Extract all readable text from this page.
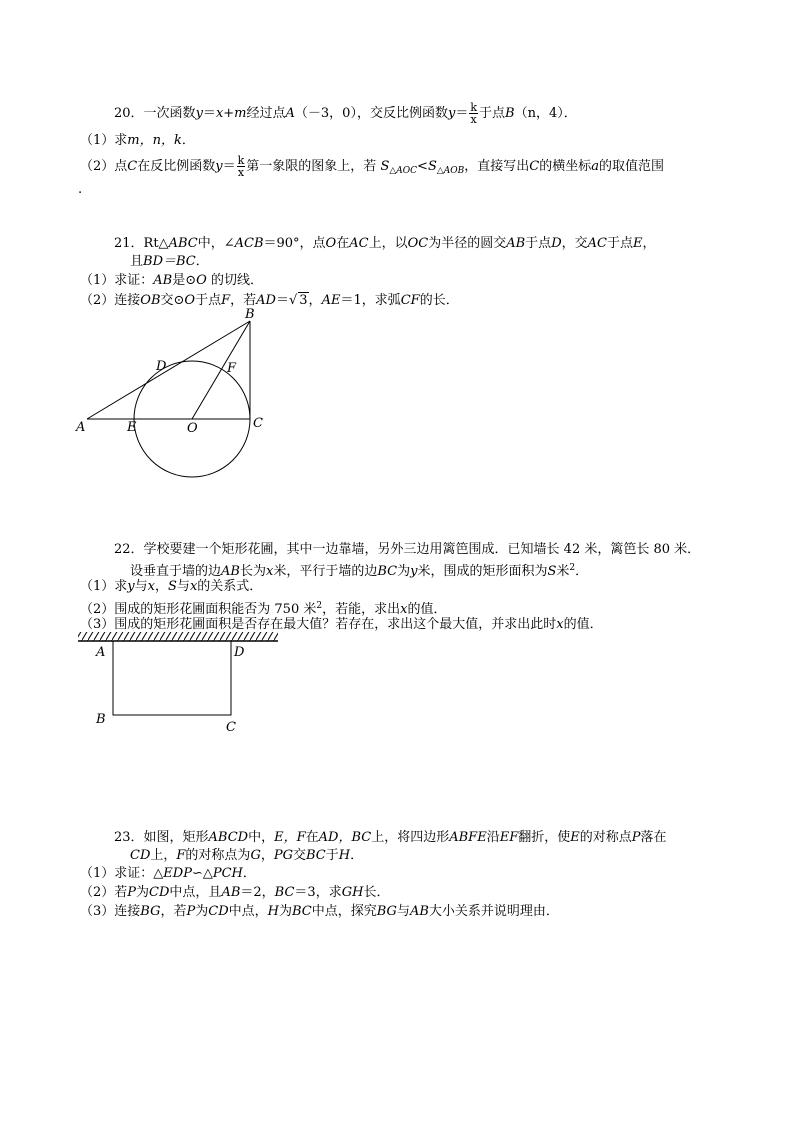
20．一次函数y＝x+m经过点A（－3，0），交反比例函数$y= \frac{k}{x}$ 于点B（n，4）．
（1）求m，n，k．
（2）点C在反比例函数$y= \frac{k}{x}$ 第一象限的图象上，若 $S_{\triangle AOC}<S_{\triangle AOB}$，直接写出C的横坐标a的取值范围
.
21．Rt△ABC中，∠ACB＝90°，点O在AC上，以OC为半径的圆交AB于点D，交AC于点E，
且BD＝BC．
（1）求证：AB是⊙O 的切线．
（2）连接OB交⊙O于点F，若AD＝√ 3，AE＝1，求弧CF的长．
B
D	F
A	E	O	C
22．学校要建一个矩形花圃，其中一边靠墙，另外三边用篱笆围成．已知墙长 42 米，篱笆长 80 米．
设垂直于墙的边AB长为x米，平行于墙的边BC为y米，围成的矩形面积为S米$^2$．
（1）求y与x，S与x的关系式．
（2）围成的矩形花圃面积能否为 750 米$^2$，若能，求出x的值．
（3）围成的矩形花圃面积是否存在最大值？若存在，求出这个最大值，并求出此时x的值．
A	D
B
C
23．如图，矩形ABCD中，E，F在AD，BC上，将四边形ABFE沿EF翻折，使E的对称点P落在
CD上，F的对称点为G，PG交BC于H．
（1）求证：△EDP∽△PCH．
（2）若P为CD中点，且AB＝2，BC＝3，求GH长．
（3）连接BG，若P为CD中点，H为BC中点，探究BG与AB大小关系并说明理由．
